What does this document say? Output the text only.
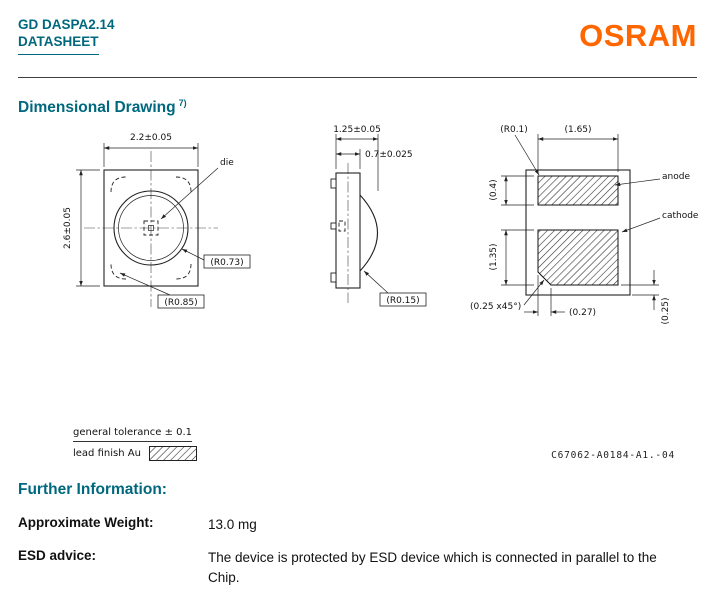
GD DASPA2.14
DATASHEET	OSRAM
Dimensional Drawing $^{7)}$
2.2±0.05
2.6±0.05
die
(R0.73)
(R0.85)
1.25±0.05
0.7±0.025
(R0.15)
(1.65)
(R0.1)
(0.4)
(1.35)
anode
cathode
(0.25 x45°)
(0.27)	(0.25)
general tolerance ± 0.1
lead finish Au	C67062-A0184-A1.-04
Further Information:
Approximate Weight:	13.0 mg
ESD advice:	The device is protected by ESD device which is connected in parallel to the Chip.
